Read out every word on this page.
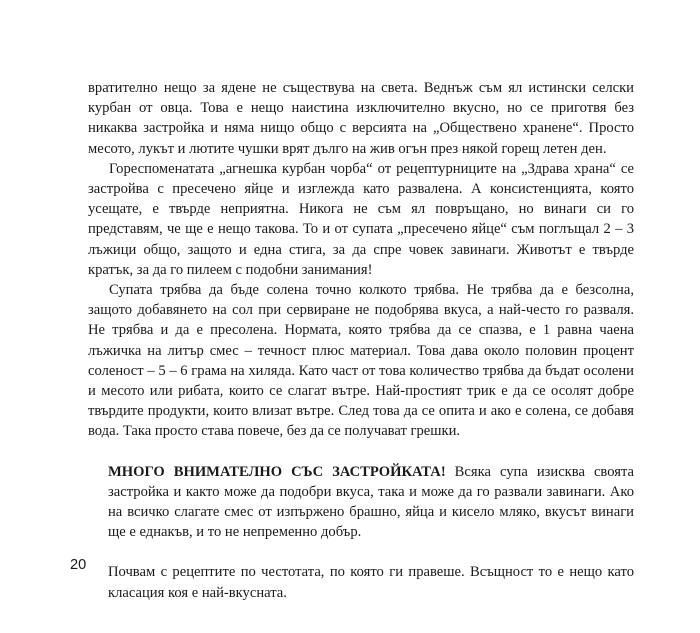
вратително нещо за ядене не съществува на света. Веднъж съм ял истински селски курбан от овца. Това е нещо наистина изключително вкусно, но се приготвя без никаква застройка и няма нищо общо с версията на „Обществено хранене“. Просто месото, лукът и лютите чушки врят дълго на жив огън през някой горещ летен ден.

Гореспоменатата „агнешка курбан чорба“ от рецептурниците на „Здрава храна“ се застройва с пресечено яйце и изглежда като развалена. А консистенцията, която усещате, е твърде неприятна. Никога не съм ял повръщано, но винаги си го представям, че ще е нещо такова. То и от супата „пресечено яйце“ съм поглъщал 2 – 3 лъжици общо, защото и една стига, за да спре човек завинаги. Животът е твърде кратък, за да го пилеем с подобни занимания!

Супата трябва да бъде солена точно колкото трябва. Не трябва да е безсолна, защото добавянето на сол при сервиране не подобрява вкуса, а най-често го разваля. Не трябва и да е пресолена. Нормата, която трябва да се спазва, е 1 равна чаена лъжичка на литър смес – течност плюс материал. Това дава около половин процент соленост – 5 – 6 грама на хиляда. Като част от това количество трябва да бъдат осолени и месото или рибата, които се слагат вътре. Най-простият трик е да се осолят добре твърдите продукти, които влизат вътре. След това да се опита и ако е солена, се добавя вода. Така просто става повече, без да се получават грешки.

МНОГО ВНИМАТЕЛНО СЪС ЗАСТРОЙКАТА! Всяка супа изисква своята застройка и както може да подобри вкуса, така и може да го развали завинаги. Ако на всичко слагате смес от изпържено брашно, яйца и кисело мляко, вкусът винаги ще е еднакъв, и то не непременно добър.

Почвам с рецептите по честотата, по която ги правеше. Всъщност то е нещо като класация коя е най-вкусната.

20
